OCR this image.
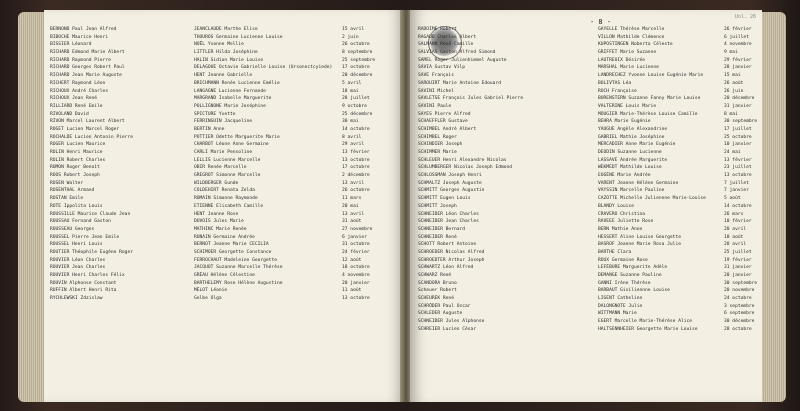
BERNOND Paul Jean Alfred	JEANCLAUDE Marthe Elise	15 avril
BIBOCHE Maurice Henri	THOUROS Germaine Lucienne Louise	2 juin
BISSIER Léonard	NOËL Yvonne Mellie	26 octobre
RICHARD Edmond Marie Albert	LITTLER Hilda Joséphine	8 septembre
RICHARD Raymond Pierre	HALIN Sidion Marie Louise	25 septembre
RICHARD Georges Robert Paul	DELAGOUE Octavie Gabrielle Louise (Ursonnctcyiede)	17 octobre
RICHARD Jean Marie Auguste	HENT Jeanne Gabrielle	20 décembre
RICHERT Raymond Léon	BRICHMANN Renée Lucienne Emélie	5 avril
RICHOUX André Charles	LANGAGNE Lucienne Fernande	18 mai
RICHOUX Jean René	MARGRAND Isabelle Marguerite	28 juillet
RILLIARD René Emile	POLLIGNONE Marie Joséphine	9 octobre
RIVOLAND David	SPICTURE Yvette	25 décembre
RIVON Marcel Laurent Albert	FERRINGUIN Jacqueline	30 mai
ROGET Lucien Marcel Roger	BERTIN Anne	14 octobre
ROCHALDE Lucien Antonin Pierre	POTTIER Odette Marguerite Marie	8 avril
ROGER Lucien Maurice	CHARBOT Léone Anne Germaine	29 avril
ROLIN Henri Maurice	CARLI Marie Pensoline	13 février
ROLIN Robert Charles	LELLIS Lucienne Marcelle	13 octobre
ROMON Roger Benoît	OBIR Renée Marcelle	17 octobre
ROOS Robert Joseph	GREGROT Simonne Marcelle	2 décembre
ROSEN Walter	WILDBERGER Gunde	13 avril
ROSENTHAL Armand	COLDEHIRT Renata Zelda	26 octobre
ROSTAN Emile	ROMAIN Simonne Raymonde	11 mars
ROTE Ippolita Louis	ETIENNE Elisabeth Camille	20 mai
ROUSSILLE Maurice Claude Jean	HENT Jeanne Rose	13 avril
ROUSSAU Fernand Gaston	DUVOIS Jules Marie	31 août
ROUSSEAU Georges	MATHINC Marie Renée	27 novembre
ROUSSEL Pierre Jean Emile	RONAIN Germaine Andrée	6 janvier
ROUSSEL Henri Louis	BERNOT Jeanne Marie CECILIA	31 octobre
ROUTIER Théophile Eugène Roger	SCHIMOER Georgette Constance	24 février
ROUVIER Léon Charles	FERROCHAUT Madeleine Georgette	12 août
ROUVIER Jean Charles	JACQUOT Suzanne Marcelle Thérèse	18 octobre
ROUVIER Henri Charles Félix	GRÉAU Hélène Célestine	4 novembre
ROUVIN Alphonse Constant	BARTHELEMY Rose Hélène Augustine	20 janvier
RUFFIN Albert Henri Rita	MÉLOT Léonie	11 août
RYCHLEWSKI Zdzislaw	Gelbe Olga	13 octobre
- 8 -
Uol. 26
RADOIME Robert	GAYELLE Thérèse Marcelle	26 février
RAGAUD Charles Albert	VILLON Mathilde Clémence	6 juillet
SALMANN René Camille	KUPOSTINGEN Noberta Céleste	4 novembre
SALVIAS Gaston Alfred Simond	GRIFFET Marie Suzanne	9 mai
SAMEL Roger Julienhimmel Auguste	LAUTREUIX Désirée	29 février
SAVIA Gustav Vilp	MARSHAL Marie Lucienne	28 janvier
SAVE François	LANDRECHEZ Yvonne Louise Eugénie Marie	15 mai
SAROUIRT Marie Antoine Edouard	BOLIVTAS Léa	26 août
SAVINI Michel	ROCH Françoise	26 juin
SAVLETSE François Jules Gabriel Pierre	BURENSTERN Suzanne Fanny Marie Louise	20 décembre
SAVINI Paule	VALTERINE Louis Marie	31 janvier
SAYES Pierre Alfred	MOUGIER Marie-Thérèse Louise Camille	8 mai
SCHAEFFLER Gustave	BEHRA Marie Eugénie	30 septembre
SCHIMBEL André Albert	YAUGUE Angèle Alexandrine	17 juillet
SCHIMBEL Roger	GABRIEL Mathie Joséphine	25 octobre
SCHINDIER Joseph	MERCADIER Anne Marie Eugénie	10 janvier
SCHIMMER Marie	DEODIN Suzanne Lucienne	24 mai
SCHLEUER Henri Alexandre Nicolas	LASSAVE Andrée Marguerite	13 février
SCHLUMBERGER Nicolas Joseph Edmond	WEKMEDT Mathilde Louise	23 juillet
SCHLOSSMAN Joseph Henri	EUGÈNE Marie Andrée	13 octobre
SCHMALTZ Joseph Auguste	VARENT Jeanne Hélène Germaine	7 juillet
SCHMITT Georges Augustin	VAYSSIN Marcelle Pauline	7 janvier
SCHMITT Eugen Louis	CAZOTTE Michelle Juliennne Marie-Louise	5 août
SCHMITT Joseph	BLANDY Louise	14 octobre
SCHNEIDER Léon Charles	CRAVERO Christina	26 mars
SCHNEIDER Jean Charles	RAVEEE Juliette Rose	10 février
SCHNEIDER Bernard	BERN Mathie Anne	20 avril
SCHNEIDER René	HESSERT Aline Louise Georgette	18 août
SCHOTT Robert Antoine	BASROF Jeanne Marie Rosa Julie	28 avril
SCHROEDER Nicolas Alfred	BARTHE Clara	25 juillet
SCHROEDTER Arthur Joseph	ROUX Germaine Rose	19 février
SCHWARTZ Léon Alfred	LEFÉBURE Marguerite Adèle	31 janvier
SCHWARZ René	DEMANGE Suzanne Pauline	20 janvier
SCANDORA Bruno	GANNI Irène Thérèse	30 septembre
Scheuer Robert	BARBAUT Gisiliennne Louise	20 novembre
SCHEUREK René	LIGENT Catheline	24 octobre
SCHRÖDER Paul Oscar	DALONGNOTE Julie	3 septembre
SCHLEDER Auguste	WITTMANN Marie	6 septembre
SCHNEIDER Jules Alphonse	EGERT Marcelle Marie-Thérèse Alice	30 décembre
SCHREIER Lucien César	HALTSENNHEIER Georgette Marie Louise	28 octobre
